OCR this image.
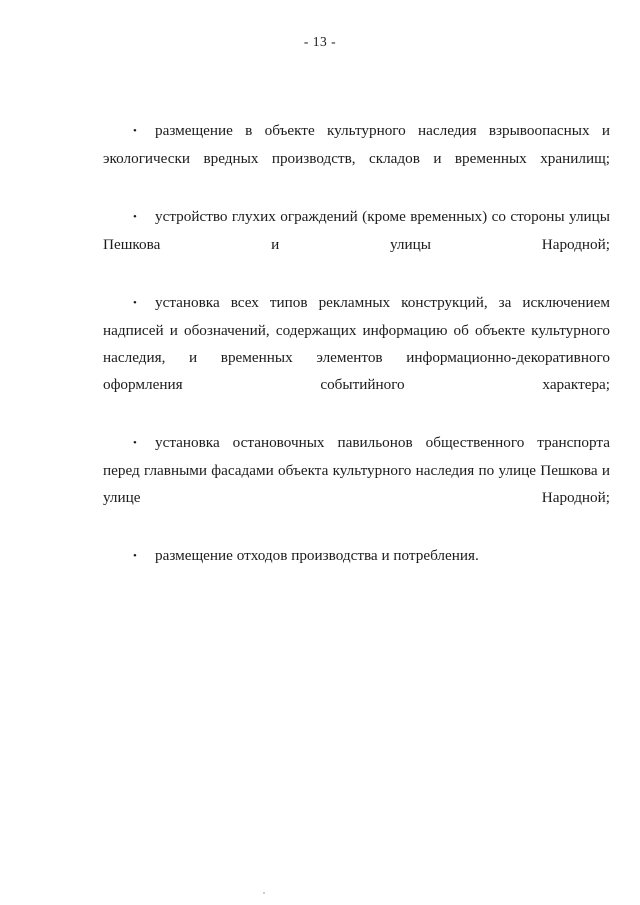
- 13 -

• размещение в объекте культурного наследия взрывоопасных и экологически вредных производств, складов и временных хранилищ;

• устройство глухих ограждений (кроме временных) со стороны улицы Пешкова и улицы Народной;

• установка всех типов рекламных конструкций, за исключением надписей и обозначений, содержащих информацию об объекте культурного наследия, и временных элементов информационно-декоративного оформления событийного характера;

• установка остановочных павильонов общественного транспорта перед главными фасадами объекта культурного наследия по улице Пешкова и улице Народной;

• размещение отходов производства и потребления.
